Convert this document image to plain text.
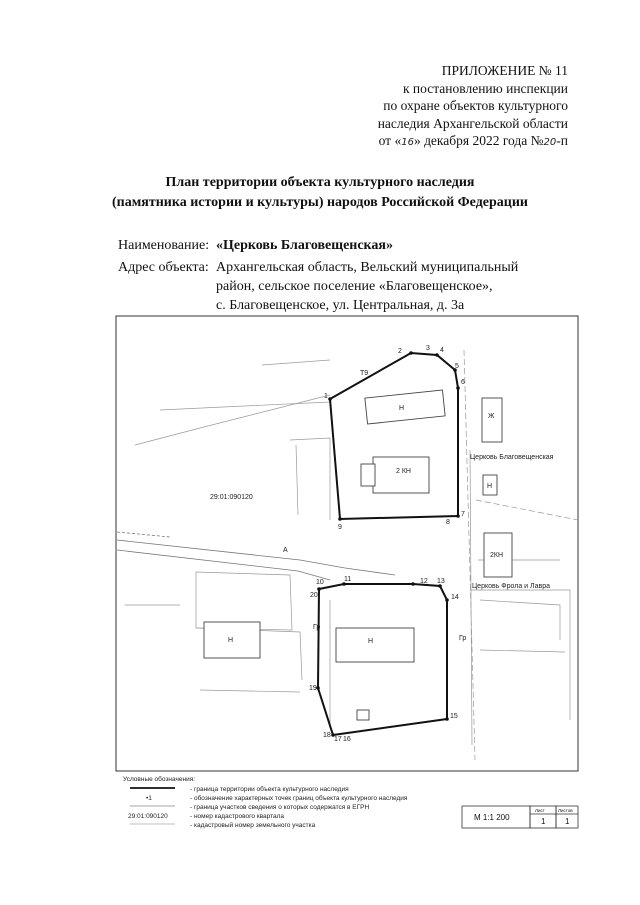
ПРИЛОЖЕНИЕ № 11
к постановлению инспекции
по охране объектов культурного
наследия Архангельской области
от «16» декабря 2022 года №20-п
План территории объекта культурного наследия
(памятника истории и культуры) народов Российской Федерации
Наименование: «Церковь Благовещенская»
Адрес объекта: Архангельская область, Вельский муниципальный
район, сельское поселение «Благовещенское»,
с. Благовещенское, ул. Центральная, д. 3а
29:01:090120
Т9
А
Гр
Гр
Церковь Благовещенская
Церковь Фрола и Лавра
Н
2 КН
Ж
Н
2КН
Н	Н
1
2	3 4
5
6
7
8
9
10	11	12 13
14
15
16
17
18
19
20
Условные обозначения:
- граница территории объекта культурного наследия
•1	- обозначение характерных точек границ объекта культурного наследия
- граница участков сведения о которых содержатся в ЕГРН
29:01:090120	- номер кадастрового квартала
- кадастровый номер земельного участка
М 1:1 200
Лист	Листов
1 1
